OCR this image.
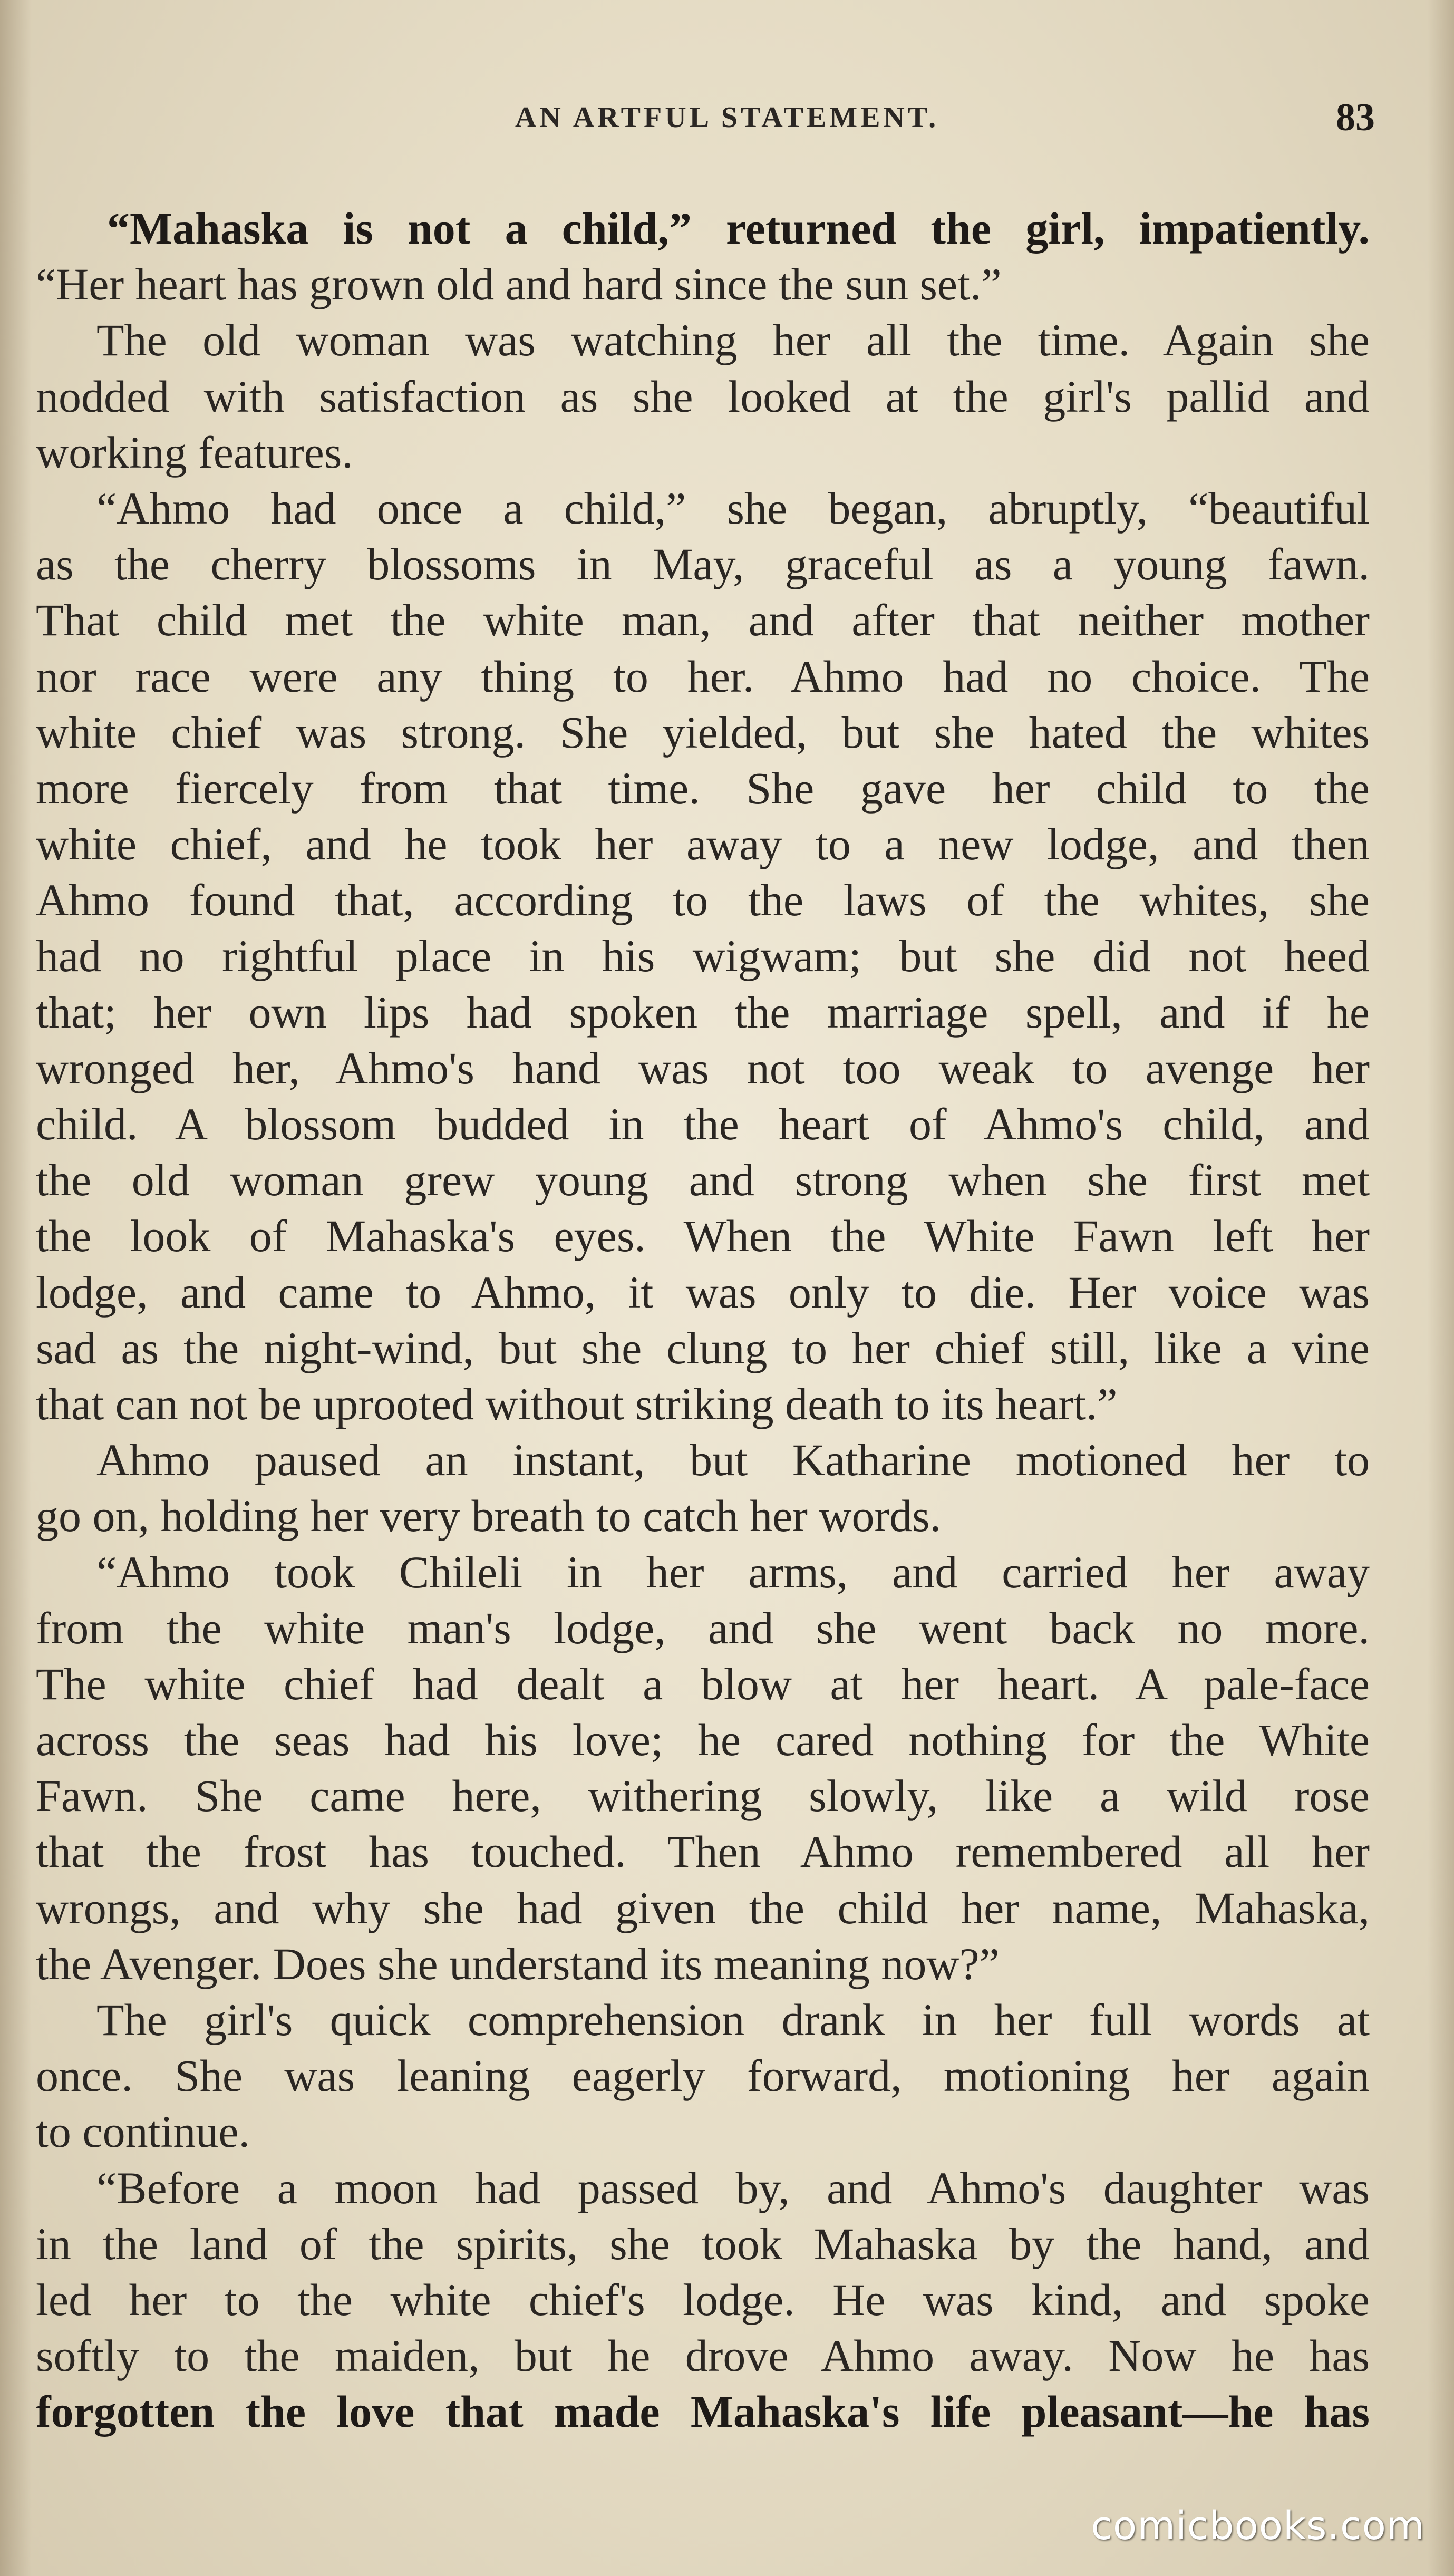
AN ARTFUL STATEMENT.	83
“Mahaska is not a child,” returned the girl, impatiently.
“Her heart has grown old and hard since the sun set.”
The old woman was watching her all the time. Again she
nodded with satisfaction as she looked at the girl's pallid and
working features.
“Ahmo had once a child,” she began, abruptly, “beautiful
as the cherry blossoms in May, graceful as a young fawn.
That child met the white man, and after that neither mother
nor race were any thing to her. Ahmo had no choice. The
white chief was strong. She yielded, but she hated the whites
more fiercely from that time. She gave her child to the
white chief, and he took her away to a new lodge, and then
Ahmo found that, according to the laws of the whites, she
had no rightful place in his wigwam; but she did not heed
that; her own lips had spoken the marriage spell, and if he
wronged her, Ahmo's hand was not too weak to avenge her
child. A blossom budded in the heart of Ahmo's child, and
the old woman grew young and strong when she first met
the look of Mahaska's eyes. When the White Fawn left her
lodge, and came to Ahmo, it was only to die. Her voice was
sad as the night-wind, but she clung to her chief still, like a vine
that can not be uprooted without striking death to its heart.”
Ahmo paused an instant, but Katharine motioned her to
go on, holding her very breath to catch her words.
“Ahmo took Chileli in her arms, and carried her away
from the white man's lodge, and she went back no more.
The white chief had dealt a blow at her heart. A pale-face
across the seas had his love; he cared nothing for the White
Fawn. She came here, withering slowly, like a wild rose
that the frost has touched. Then Ahmo remembered all her
wrongs, and why she had given the child her name, Mahaska,
the Avenger. Does she understand its meaning now?”
The girl's quick comprehension drank in her full words at
once. She was leaning eagerly forward, motioning her again
to continue.
“Before a moon had passed by, and Ahmo's daughter was
in the land of the spirits, she took Mahaska by the hand, and
led her to the white chief's lodge. He was kind, and spoke
softly to the maiden, but he drove Ahmo away. Now he has
forgotten the love that made Mahaska's life pleasant—he has
comicbooks.com
